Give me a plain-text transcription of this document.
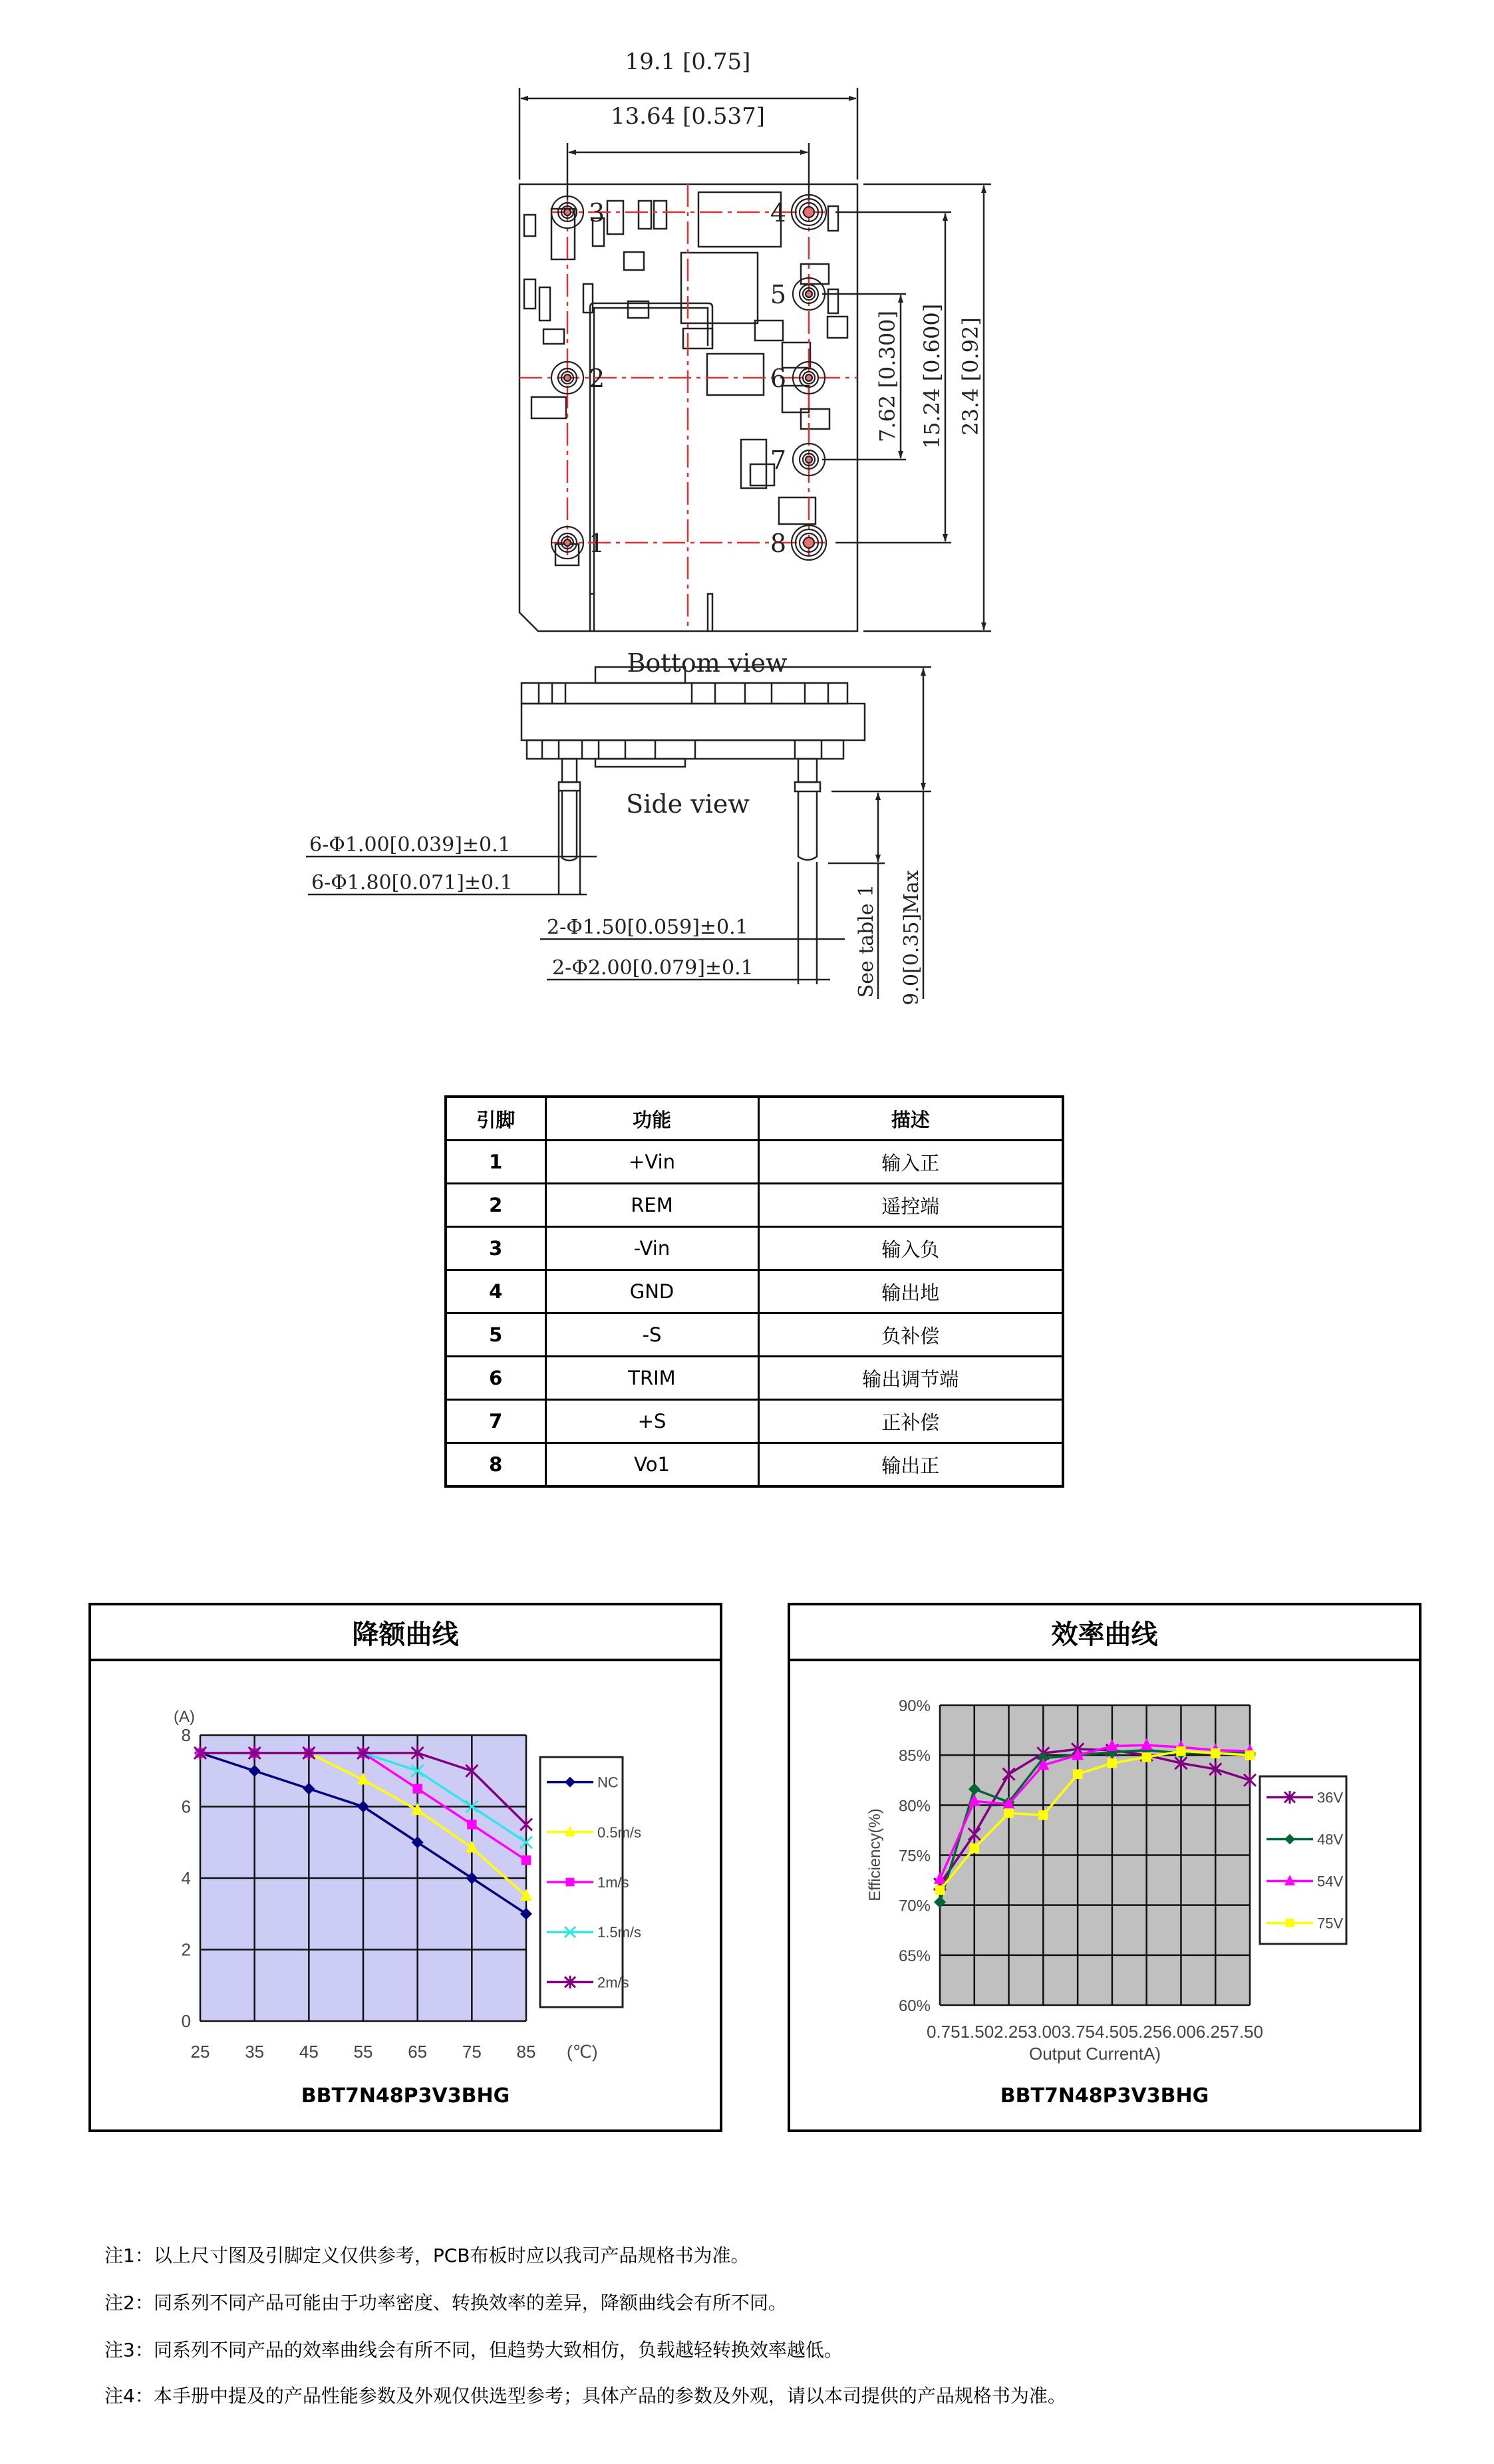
1
2
3	4
5
6
7
8
19.1 [0.75]
13.64 [0.537]
7.62 [0.300] 15.24 [0.600] 23.4 [0.92]
Bottom view
Side view
6-Φ1.00[0.039]±0.1
6-Φ1.80[0.071]±0.1
2-Φ1.50[0.059]±0.1
2-Φ2.00[0.079]±0.1	See table 1 9.0[0.35]Max
引脚	功能	描述
1	+Vin	输入正
2	REM	遥控端
3	-Vin	输入负
4	GND	输出地
5	-S	负补偿
6	TRIM	输出调节端
7	+S	正补偿
8	Vo1	输出正
降额曲线
0
2
4
6
8
NC
0.5m/s
1m/s
1.5m/s
2m/s
25 35 45 55 65 75 85 (℃)
(A)
BBT7N48P3V3BHG
效率曲线
60%
65%
70%
75%
80%
85%
90%
36V
48V
54V
75V
0.751.502.253.003.754.505.256.006.257.50
Output CurrentA)
Efficiency(%)
BBT7N48P3V3BHG
注1：以上尺寸图及引脚定义仅供参考，PCB布板时应以我司产品规格书为准。
注2：同系列不同产品可能由于功率密度、转换效率的差异，降额曲线会有所不同。
注3：同系列不同产品的效率曲线会有所不同，但趋势大致相仿，负载越轻转换效率越低。
注4：本手册中提及的产品性能参数及外观仅供选型参考；具体产品的参数及外观，请以本司提供的产品规格书为准。
